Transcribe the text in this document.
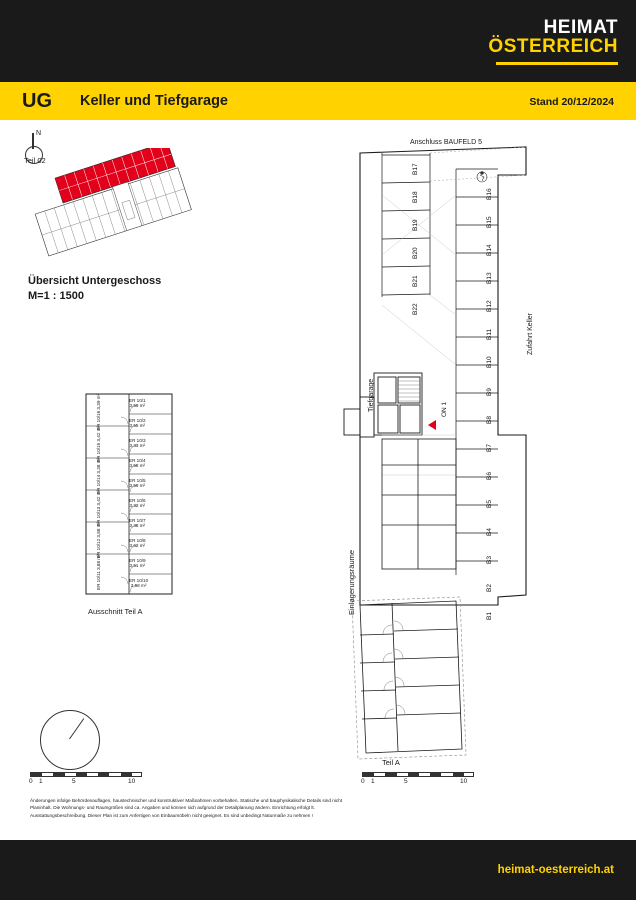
EIN VIERTEL GRÜN
2700 Wr. Neustadt, Josefine Kuttner-Gasse 1
HEIMAT
ÖSTERREICH
UG Keller und Tiefgarage	Stand 20/12/2024
N
Teil 02
A
Übersicht Untergeschoss
M=1 : 1500
ER 10/1
3,59 m²
ER 10/2
3,55 m²
ER 10/3
3,33 m²
ER 10/4
3,58 m²
ER 10/5
3,59 m²
ER 10/6
3,32 m²
ER 10/7
3,38 m²
ER 10/8
3,62 m²
ER 10/9
3,51 m²
ER 10/10
3,58 m²
ER 10/11 3,88 m²
ER 10/12 3,88 m²
ER 10/13 3,42 m²
ER 10/14 3,38 m²
ER 10/15 3,42 m²
ER 10/16 3,39 m²
Ausschnitt Teil A
0 1	5	10	0 1	5	10
Anschluss BAUFELD 5
Teil A
Zufahrt Keller
Einlagerungsräume
Tiefgarage	ON 1
B17
B18
B19
B20
B21
B22
B16
B15
B14
B13
B12
B11
B10
B9
B8
B7
B6
B5
B4
B3
B2
B1
Änderungen infolge Behördenauflagen, haustechnischer und konstruktiver Maßnahmen vorbehalten. Statische und bauphysikalische Details sind nicht Planinhalt. Die Wohnungs- und Raumgrößen sind ca. Angaben und können sich aufgrund der Detailplanung ändern. Einrichtung erfolgt lt. Ausstattungsbeschreibung. Dieser Plan ist zum Anfertigen von Einbaumöbeln nicht geeignet. Es sind unbedingt Naturmaße zu nehmen !
Heimat Österreich gemeinnützige Wohnbau Gesellschaft m.b.H
1100 Wien, Davidgasse 48 | Tel. 01 982 3601 631 | tanja.biberich@hoe.at	heimat-oesterreich.at
